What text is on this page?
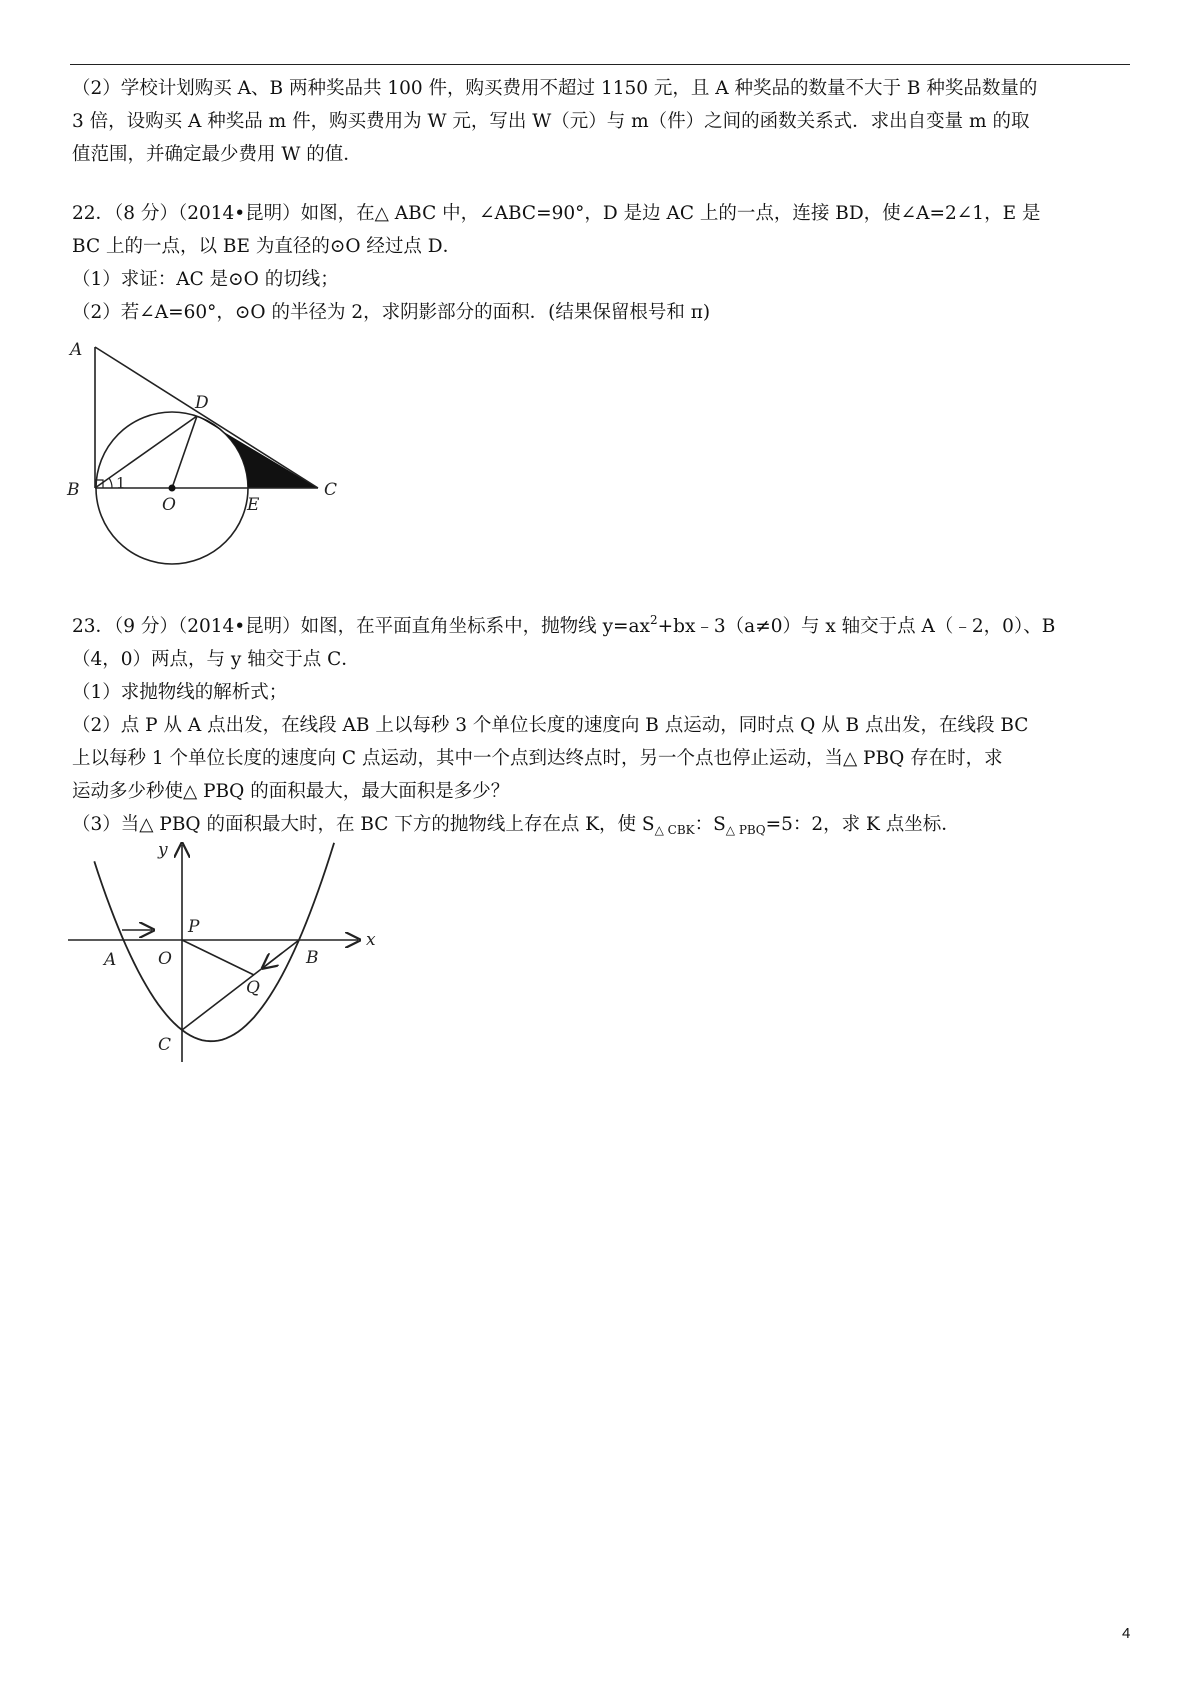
（2）学校计划购买 A、B 两种奖品共 100 件，购买费用不超过 1150 元，且 A 种奖品的数量不大于 B 种奖品数量的

3 倍，设购买 A 种奖品 m 件，购买费用为 W 元，写出 W（元）与 m（件）之间的函数关系式．求出自变量 m 的取

值范围，并确定最少费用 W 的值．

22．（8 分）（2014•昆明）如图，在△ ABC 中，∠ABC=90°，D 是边 AC 上的一点，连接 BD，使∠A=2∠1，E 是

BC 上的一点，以 BE 为直径的⊙O 经过点 D．

（1）求证：AC 是⊙O 的切线；

（2）若∠A=60°，⊙O 的半径为 2，求阴影部分的面积．(结果保留根号和 π)

A
B	C
D
E
O
1

23．（9 分）（2014•昆明）如图，在平面直角坐标系中，抛物线 $y=ax^2+bx﹣3(a\ne 0)$与 x 轴交于点 A（﹣2，0）、B

（4，0）两点，与 y 轴交于点 C．

（1）求抛物线的解析式；

（2）点 P 从 A 点出发，在线段 AB 上以每秒 3 个单位长度的速度向 B 点运动，同时点 Q 从 B 点出发，在线段 BC

上以每秒 1 个单位长度的速度向 C 点运动，其中一个点到达终点时，另一个点也停止运动，当△ PBQ 存在时，求

运动多少秒使△ PBQ 的面积最大，最大面积是多少？

（3）当△ PBQ 的面积最大时，在 BC 下方的抛物线上存在点 K，使 $S_{\triangle CBK}$：$S_{\triangle PBQ}=5$：2，求 K 点坐标．

y
x
A O
P
B
Q
C
4
